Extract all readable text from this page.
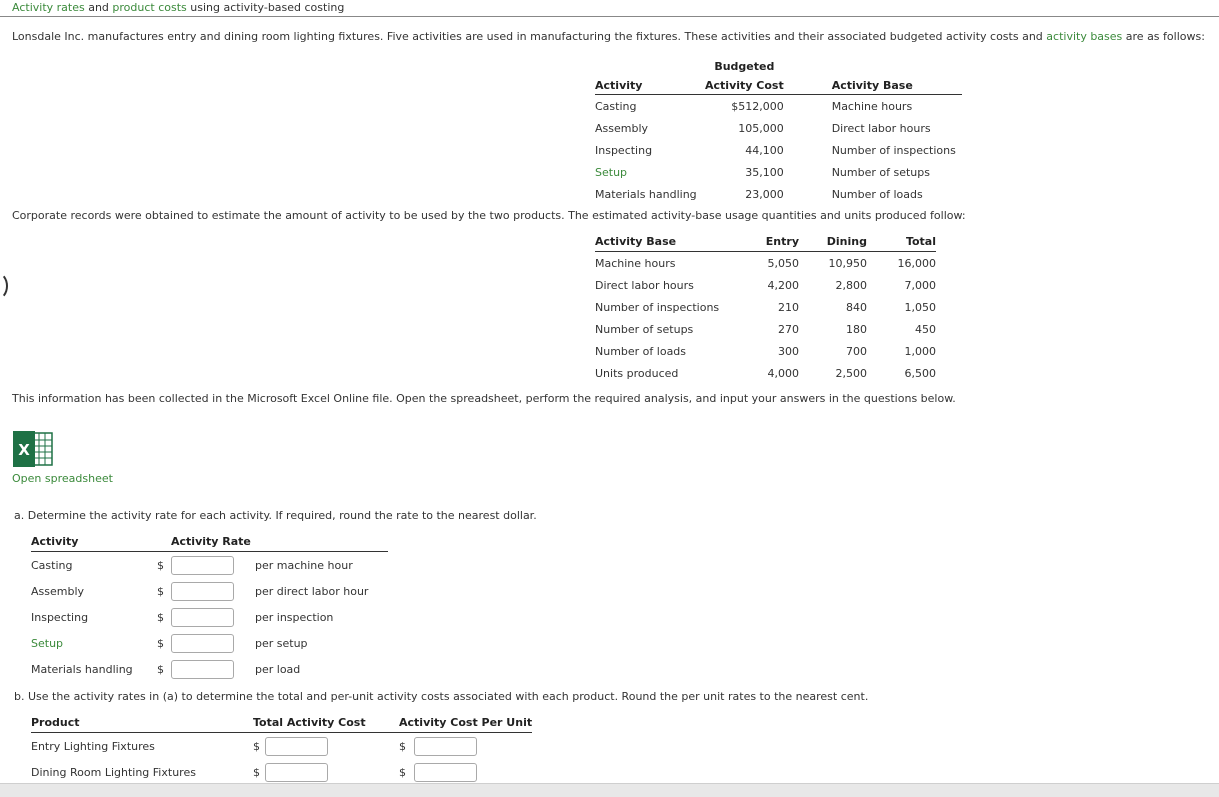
Activity rates and product costs using activity-based costing
Lonsdale Inc. manufactures entry and dining room lighting fixtures. Five activities are used in manufacturing the fixtures. These activities and their associated budgeted activity costs and activity bases are as follows:
	Budgeted	
Activity	Activity Cost	Activity Base
Casting	$512,000	Machine hours
Assembly	105,000	Direct labor hours
Inspecting	44,100	Number of inspections
Setup	35,100	Number of setups
Materials handling	23,000	Number of loads
Corporate records were obtained to estimate the amount of activity to be used by the two products. The estimated activity-base usage quantities and units produced follow:
Activity Base	Entry	Dining	Total
Machine hours	5,050	10,950	16,000
Direct labor hours	4,200	2,800	7,000
Number of inspections	210	840	1,050
Number of setups	270	180	450
Number of loads	300	700	1,000
Units produced	4,000	2,500	6,500
This information has been collected in the Microsoft Excel Online file. Open the spreadsheet, perform the required analysis, and input your answers in the questions below.
X
Open spreadsheet
a. Determine the activity rate for each activity. If required, round the rate to the nearest dollar.
Activity		Activity Rate	
Casting	$		per machine hour
Assembly	$		per direct labor hour
Inspecting	$		per inspection
Setup	$		per setup
Materials handling	$		per load
b. Use the activity rates in (a) to determine the total and per-unit activity costs associated with each product. Round the per unit rates to the nearest cent.
Product	Total Activity Cost		Activity Cost Per Unit	
Entry Lighting Fixtures	$		$	
Dining Room Lighting Fixtures	$		$	
